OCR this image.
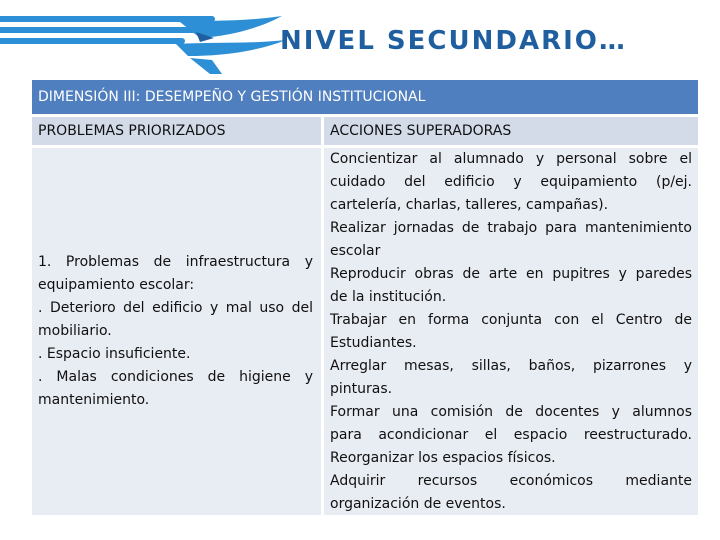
NIVEL SECUNDARIO…
DIMENSIÓN III: DESEMPEÑO Y GESTIÓN INSTITUCIONAL
PROBLEMAS PRIORIZADOS	ACCIONES SUPERADORAS
1. Problemas de infraestructura y
equipamiento escolar:
. Deterioro del edificio y mal uso del
mobiliario.
. Espacio insuficiente.
. Malas condiciones de higiene y
mantenimiento.
Concientizar al alumnado y personal sobre el
cuidado del edificio y equipamiento (p/ej.
cartelería, charlas, talleres, campañas).
Realizar jornadas de trabajo para mantenimiento
escolar
Reproducir obras de arte en pupitres y paredes
de la institución.
Trabajar en forma conjunta con el Centro de
Estudiantes.
Arreglar mesas, sillas, baños, pizarrones y
pinturas.
Formar una comisión de docentes y alumnos
para acondicionar el espacio reestructurado.
Reorganizar los espacios físicos.
Adquirir recursos económicos mediante
organización de eventos.
